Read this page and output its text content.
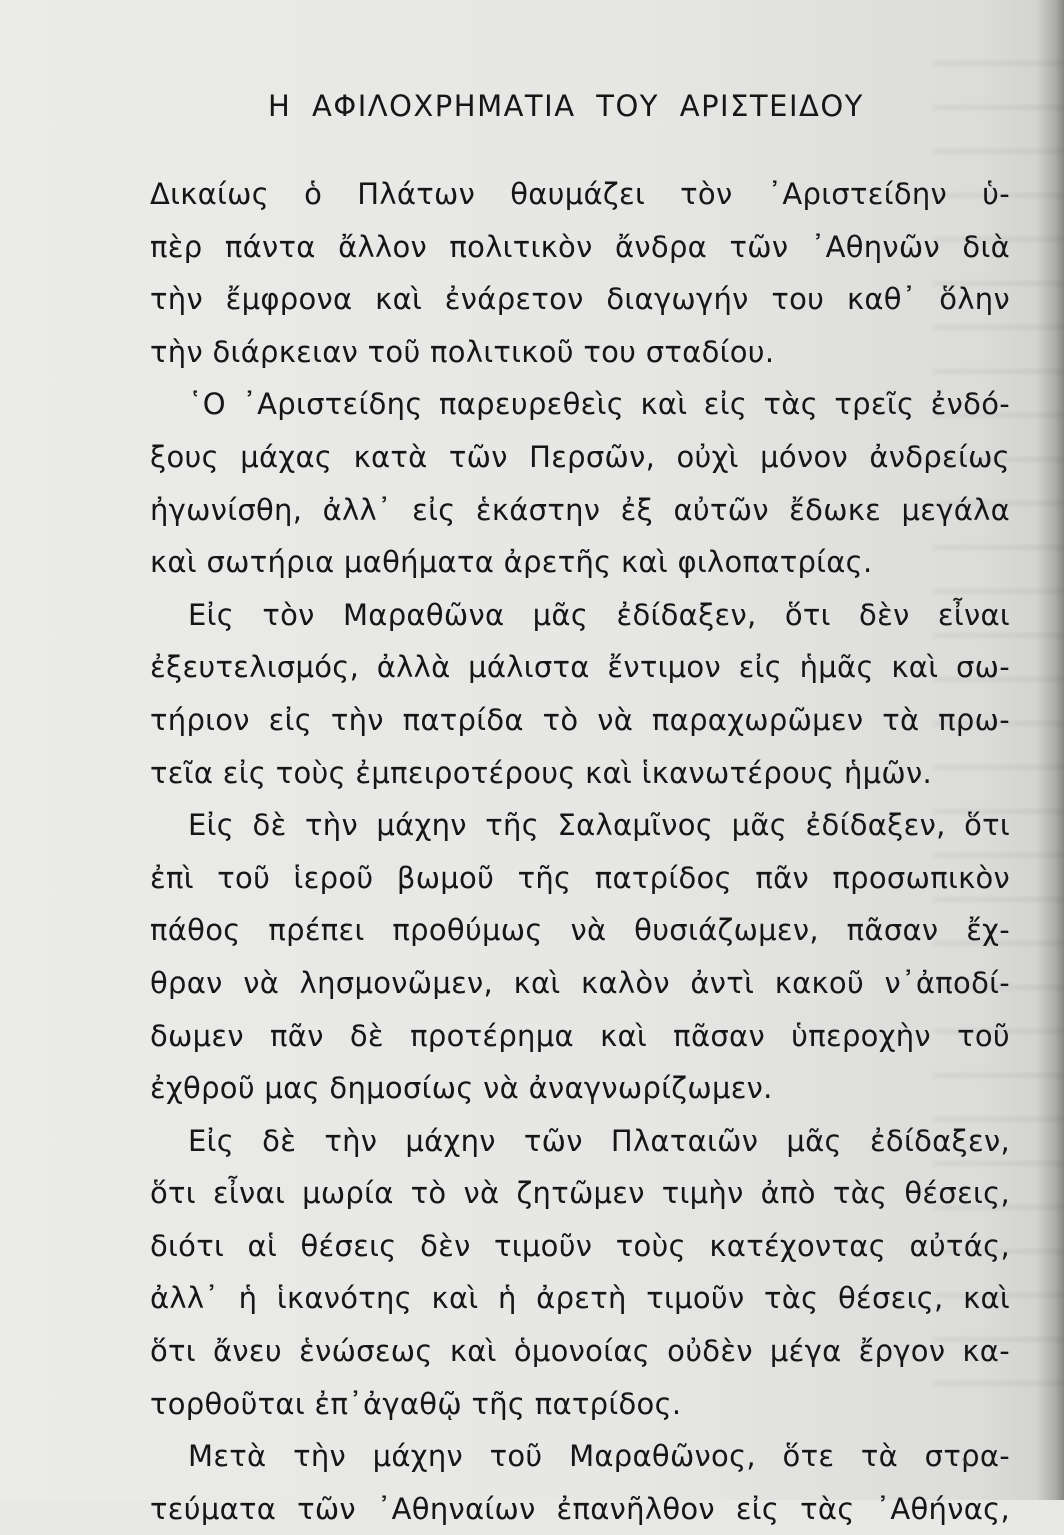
Η ΑΦΙΛΟΧΡΗΜΑΤΙΑ ΤΟΥ ΑΡΙΣΤΕΙΔΟΥ
Δικαίως ὁ Πλάτων θαυμάζει τὸν ᾿Αριστείδην ὑ-
πὲρ πάντα ἄλλον πολιτικὸν ἄνδρα τῶν ᾿Αθηνῶν διὰ
τὴν ἔμφρονα καὶ ἐνάρετον διαγωγήν του καθ᾿ ὅλην
τὴν διάρκειαν τοῦ πολιτικοῦ του σταδίου.
῾Ο ᾿Αριστείδης παρευρεθεὶς καὶ εἰς τὰς τρεῖς ἐνδό-
ξους μάχας κατὰ τῶν Περσῶν, οὐχὶ μόνον ἀνδρείως
ἠγωνίσθη, ἀλλ᾿ εἰς ἑκάστην ἐξ αὐτῶν ἔδωκε μεγάλα
καὶ σωτήρια μαθήματα ἀρετῆς καὶ φιλοπατρίας.
Εἰς τὸν Μαραθῶνα μᾶς ἐδίδαξεν, ὅτι δὲν εἶναι
ἐξευτελισμός, ἀλλὰ μάλιστα ἔντιμον εἰς ἡμᾶς καὶ σω-
τήριον εἰς τὴν πατρίδα τὸ νὰ παραχωρῶμεν τὰ πρω-
τεῖα εἰς τοὺς ἐμπειροτέρους καὶ ἱκανωτέρους ἡμῶν.
Εἰς δὲ τὴν μάχην τῆς Σαλαμῖνος μᾶς ἐδίδαξεν, ὅτι
ἐπὶ τοῦ ἱεροῦ βωμοῦ τῆς πατρίδος πᾶν προσωπικὸν
πάθος πρέπει προθύμως νὰ θυσιάζωμεν, πᾶσαν ἔχ-
θραν νὰ λησμονῶμεν, καὶ καλὸν ἀντὶ κακοῦ ν᾿ἀποδί-
δωμεν πᾶν δὲ προτέρημα καὶ πᾶσαν ὑπεροχὴν τοῦ
ἐχθροῦ μας δημοσίως νὰ ἀναγνωρίζωμεν.
Εἰς δὲ τὴν μάχην τῶν Πλαταιῶν μᾶς ἐδίδαξεν,
ὅτι εἶναι μωρία τὸ νὰ ζητῶμεν τιμὴν ἀπὸ τὰς θέσεις,
διότι αἱ θέσεις δὲν τιμοῦν τοὺς κατέχοντας αὐτάς,
ἀλλ᾿ ἡ ἱκανότης καὶ ἡ ἀρετὴ τιμοῦν τὰς θέσεις, καὶ
ὅτι ἄνευ ἑνώσεως καὶ ὁμονοίας οὐδὲν μέγα ἔργον κα-
τορθοῦται ἐπ᾿ἀγαθῷ τῆς πατρίδος.
Μετὰ τὴν μάχην τοῦ Μαραθῶνος, ὅτε τὰ στρα-
τεύματα τῶν ᾿Αθηναίων ἐπανῆλθον εἰς τὰς ᾿Αθήνας,
